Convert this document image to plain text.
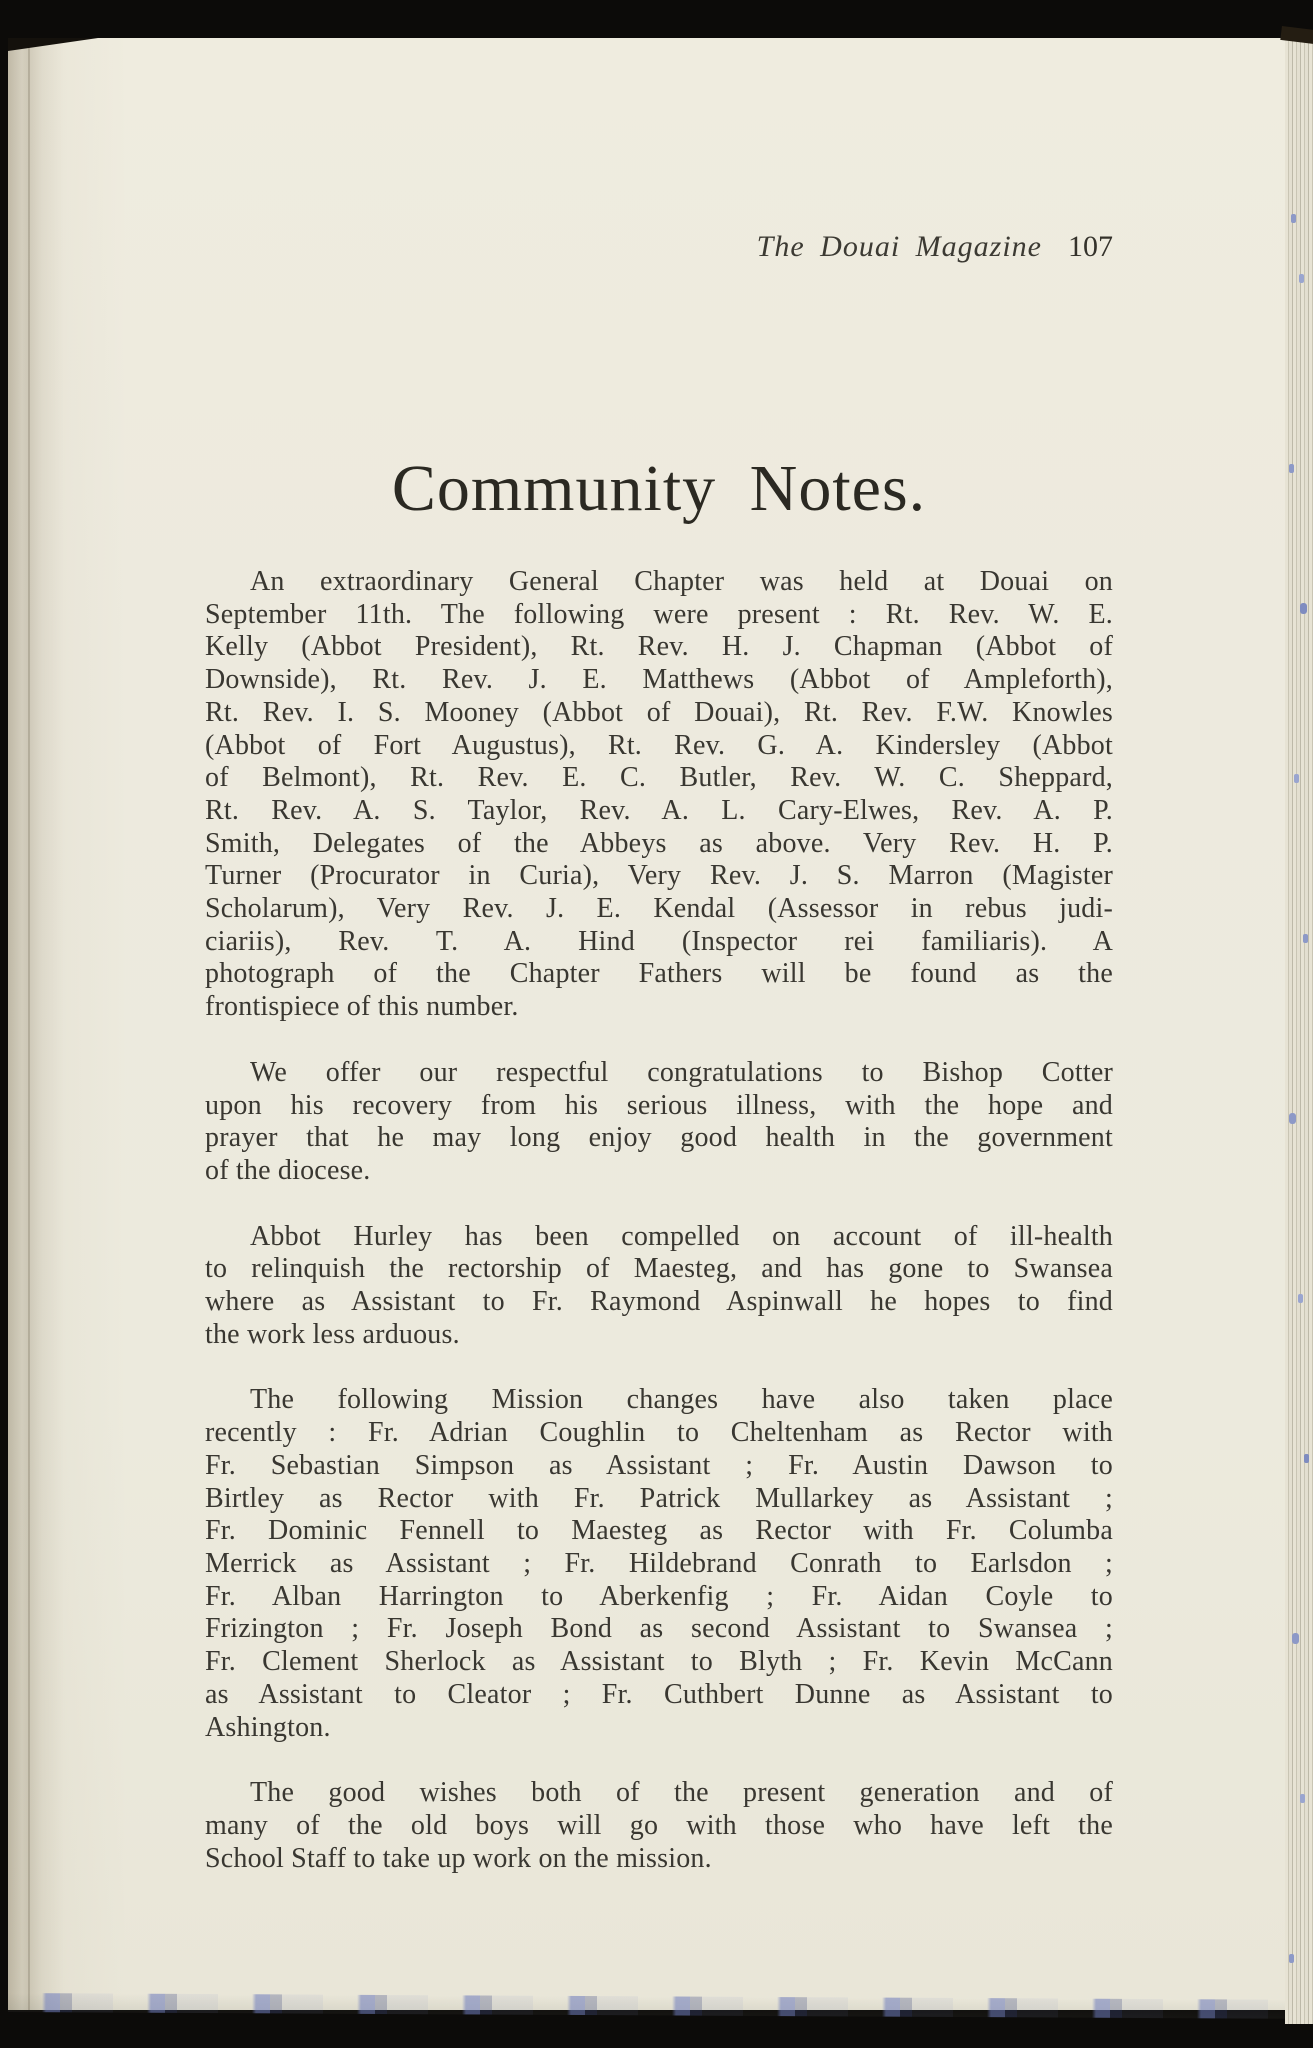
The Douai Magazine 107
Community Notes.
An extraordinary General Chapter was held at Douai on
September 11th. The following were present : Rt. Rev. W. E.
Kelly (Abbot President), Rt. Rev. H. J. Chapman (Abbot of
Downside), Rt. Rev. J. E. Matthews (Abbot of Ampleforth),
Rt. Rev. I. S. Mooney (Abbot of Douai), Rt. Rev. F.W. Knowles
(Abbot of Fort Augustus), Rt. Rev. G. A. Kindersley (Abbot
of Belmont), Rt. Rev. E. C. Butler, Rev. W. C. Sheppard,
Rt. Rev. A. S. Taylor, Rev. A. L. Cary-Elwes, Rev. A. P.
Smith, Delegates of the Abbeys as above. Very Rev. H. P.
Turner (Procurator in Curia), Very Rev. J. S. Marron (Magister
Scholarum), Very Rev. J. E. Kendal (Assessor in rebus judi-
ciariis), Rev. T. A. Hind (Inspector rei familiaris). A
photograph of the Chapter Fathers will be found as the
frontispiece of this number.
We offer our respectful congratulations to Bishop Cotter
upon his recovery from his serious illness, with the hope and
prayer that he may long enjoy good health in the government
of the diocese.
Abbot Hurley has been compelled on account of ill-health
to relinquish the rectorship of Maesteg, and has gone to Swansea
where as Assistant to Fr. Raymond Aspinwall he hopes to find
the work less arduous.
The following Mission changes have also taken place
recently : Fr. Adrian Coughlin to Cheltenham as Rector with
Fr. Sebastian Simpson as Assistant ; Fr. Austin Dawson to
Birtley as Rector with Fr. Patrick Mullarkey as Assistant ;
Fr. Dominic Fennell to Maesteg as Rector with Fr. Columba
Merrick as Assistant ; Fr. Hildebrand Conrath to Earlsdon ;
Fr. Alban Harrington to Aberkenfig ; Fr. Aidan Coyle to
Frizington ; Fr. Joseph Bond as second Assistant to Swansea ;
Fr. Clement Sherlock as Assistant to Blyth ; Fr. Kevin McCann
as Assistant to Cleator ; Fr. Cuthbert Dunne as Assistant to
Ashington.
The good wishes both of the present generation and of
many of the old boys will go with those who have left the
School Staff to take up work on the mission.
